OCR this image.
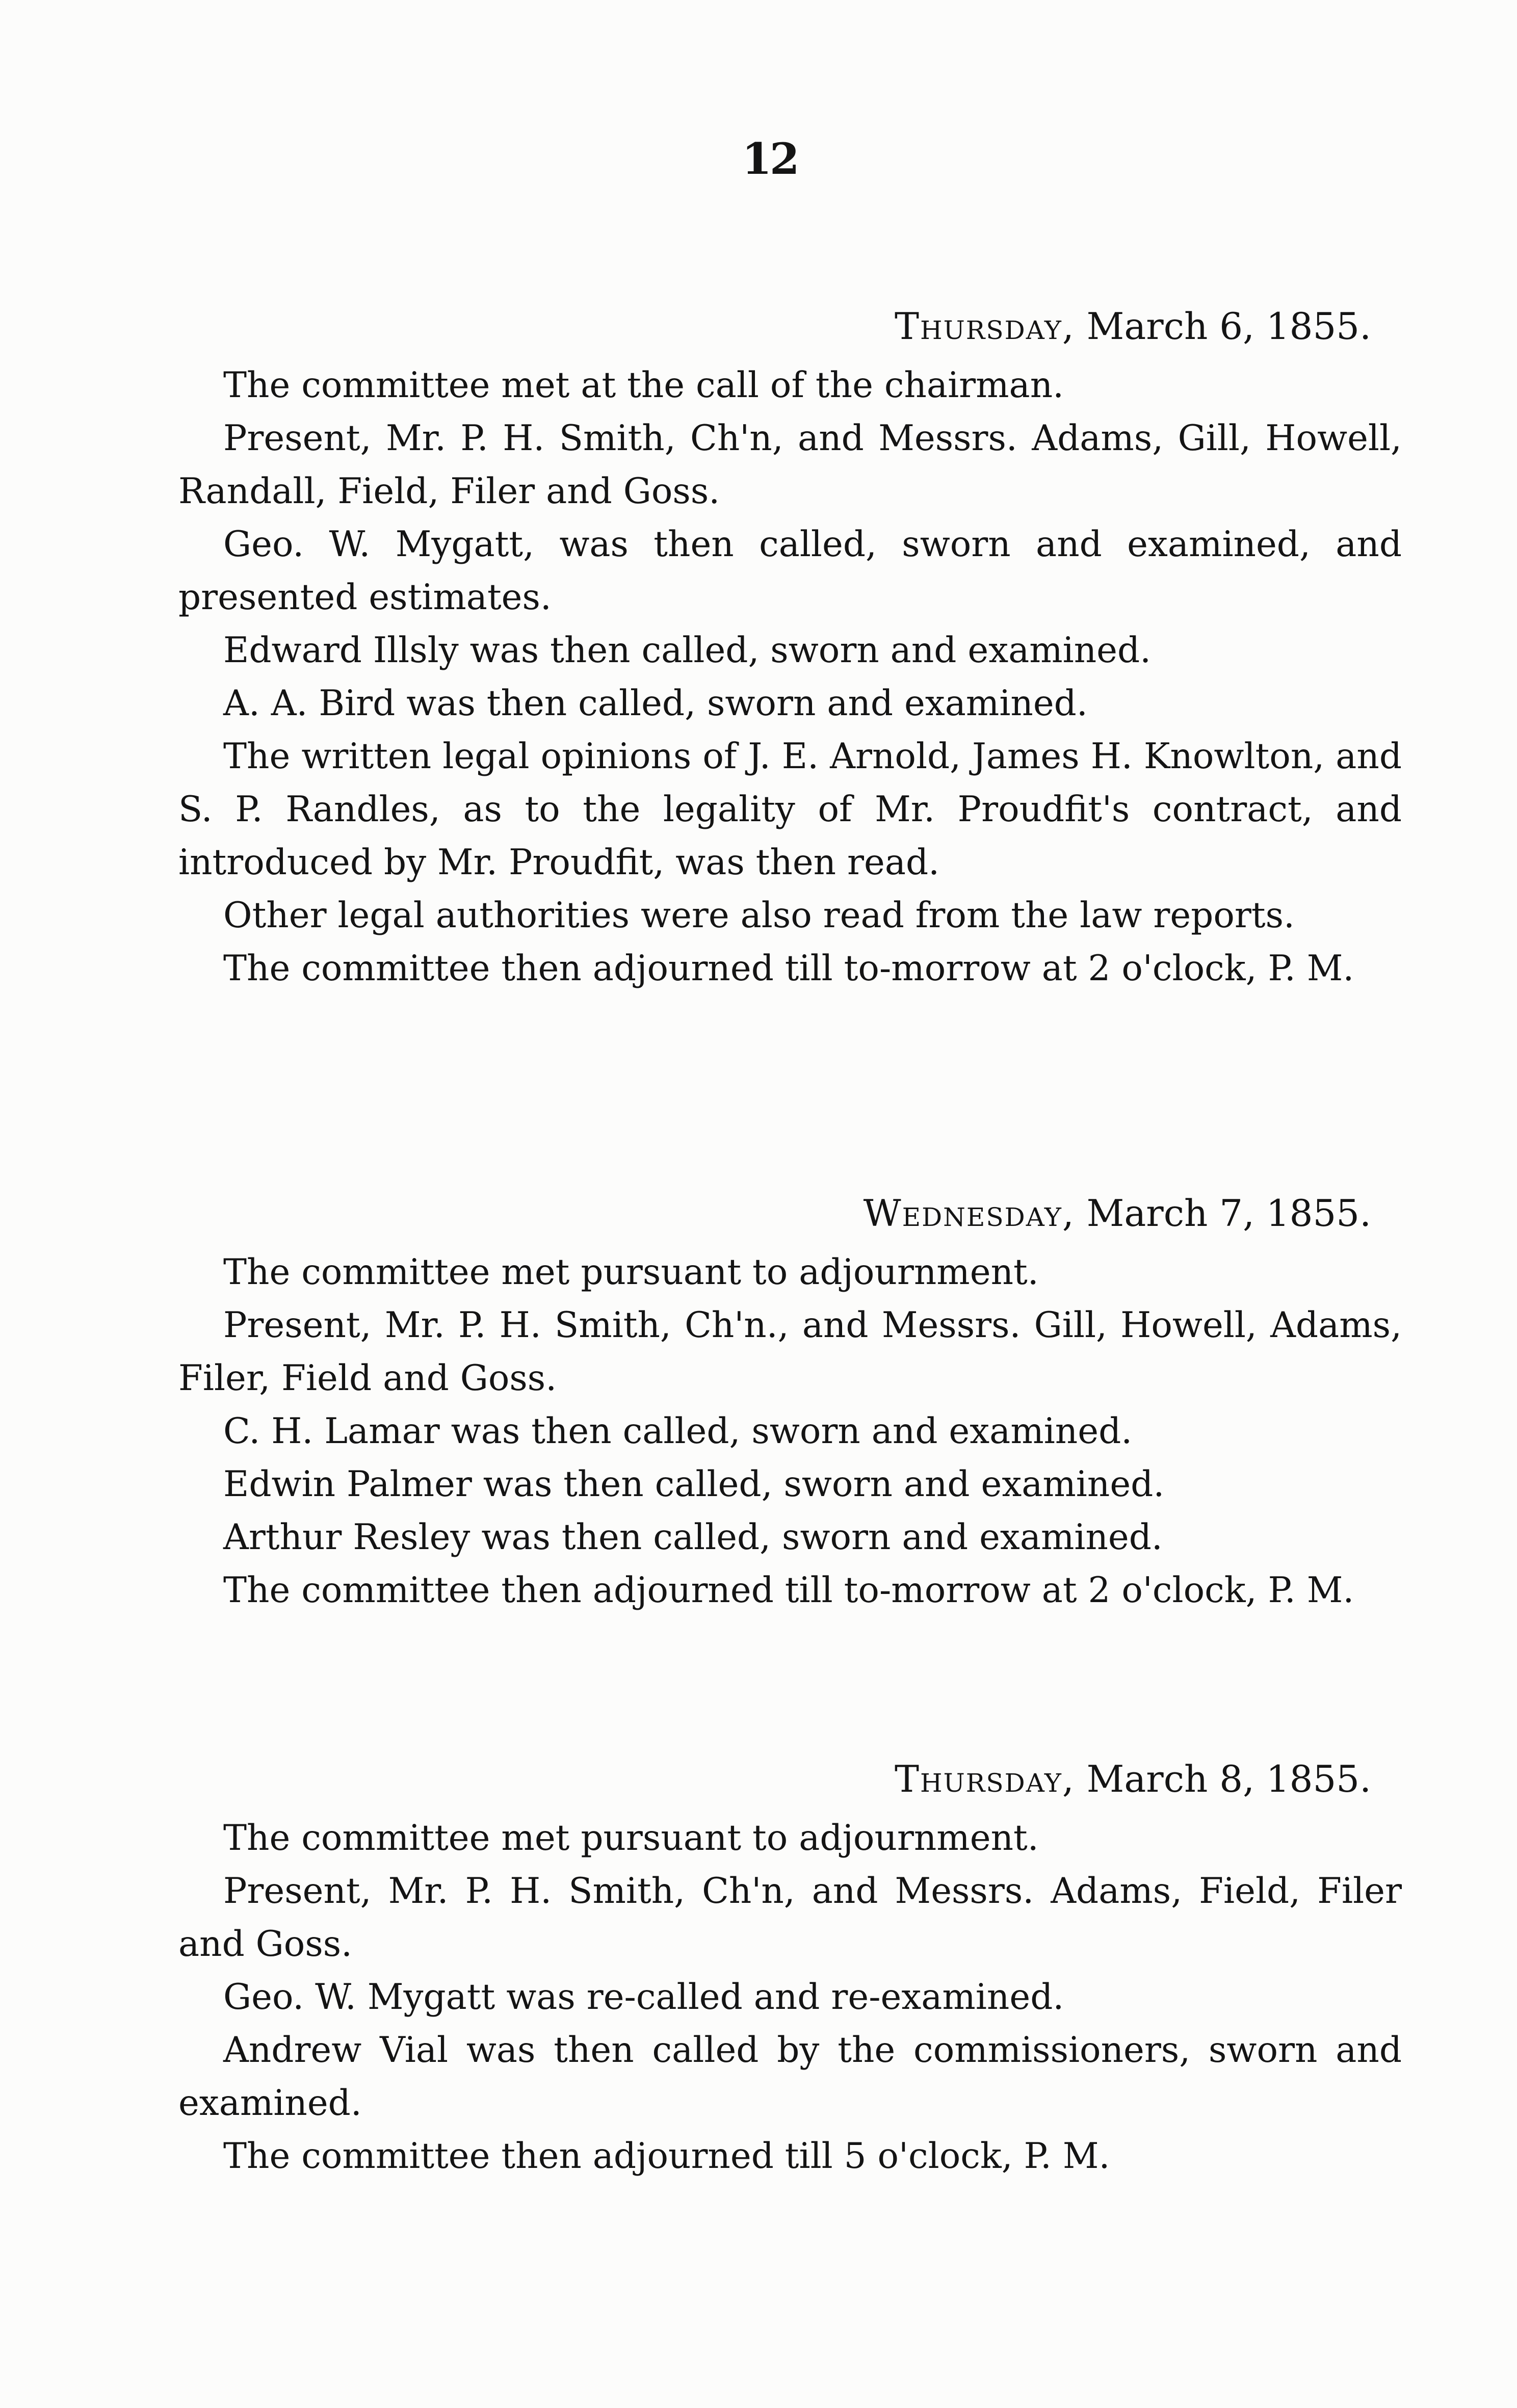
12
Thursday, March 6, 1855.

The committee met at the call of the chairman.

Present, Mr. P. H. Smith, Ch'n, and Messrs. Adams, Gill, Howell, Randall, Field, Filer and Goss.

Geo. W. Mygatt, was then called, sworn and examined, and presented estimates.

Edward Illsly was then called, sworn and examined.

A. A. Bird was then called, sworn and examined.

The written legal opinions of J. E. Arnold, James H. Knowlton, and S. P. Randles, as to the legality of Mr. Proudfit's contract, and introduced by Mr. Proudfit, was then read.

Other legal authorities were also read from the law reports.

The committee then adjourned till to-morrow at 2 o'clock, P. M.

Wednesday, March 7, 1855.

The committee met pursuant to adjournment.

Present, Mr. P. H. Smith, Ch'n., and Messrs. Gill, Howell, Adams, Filer, Field and Goss.

C. H. Lamar was then called, sworn and examined.

Edwin Palmer was then called, sworn and examined.

Arthur Resley was then called, sworn and examined.

The committee then adjourned till to-morrow at 2 o'clock, P. M.

Thursday, March 8, 1855.

The committee met pursuant to adjournment.

Present, Mr. P. H. Smith, Ch'n, and Messrs. Adams, Field, Filer and Goss.

Geo. W. Mygatt was re-called and re-examined.

Andrew Vial was then called by the commissioners, sworn and examined.

The committee then adjourned till 5 o'clock, P. M.
